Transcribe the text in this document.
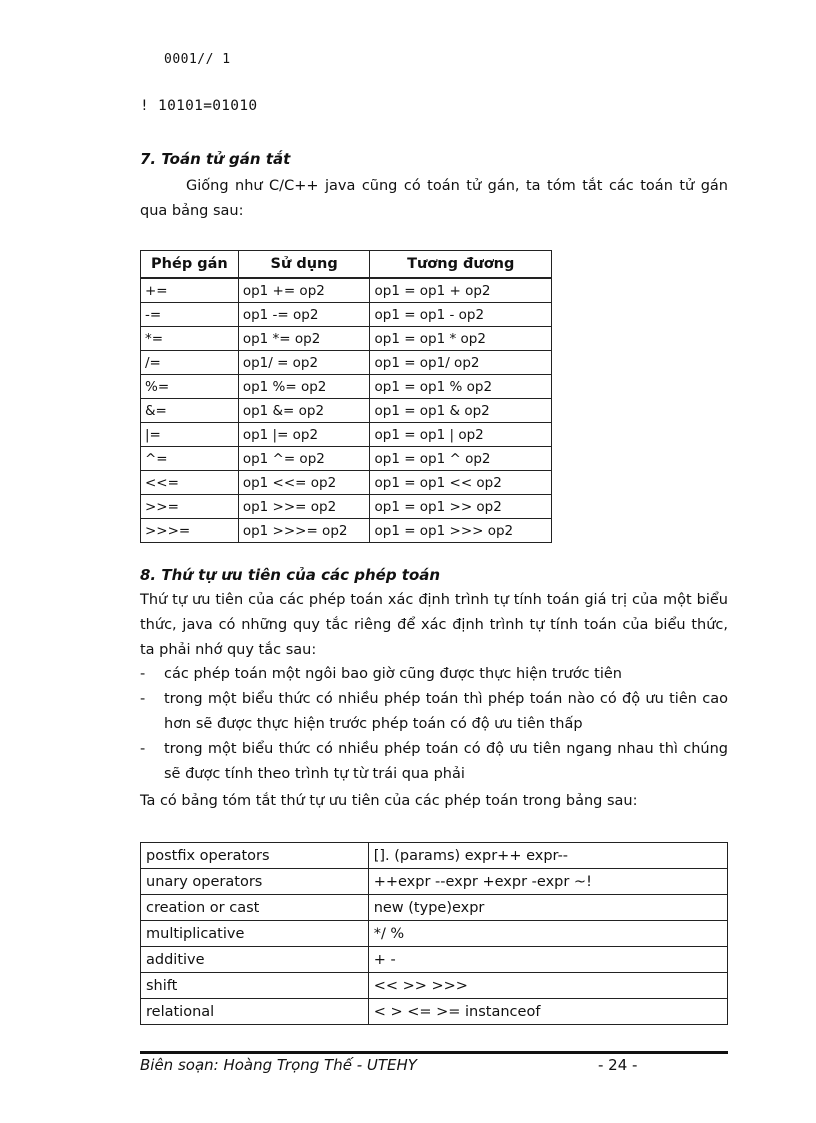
0001// 1
! 10101=01010
7. Toán tử gán tắt
Giống như C/C++ java cũng có toán tử gán, ta tóm tắt các toán tử gán qua bảng sau:
Phép gán	Sử dụng	Tương đương
+=	op1 += op2	op1 = op1 + op2
-=	op1 -= op2	op1 = op1 - op2
*=	op1 *= op2	op1 = op1 * op2
/=	op1/ = op2	op1 = op1/ op2
%=	op1 %= op2	op1 = op1 % op2
&=	op1 &= op2	op1 = op1 & op2
|=	op1 |= op2	op1 = op1 | op2
^=	op1 ^= op2	op1 = op1 ^ op2
<<=	op1 <<= op2	op1 = op1 << op2
>>=	op1 >>= op2	op1 = op1 >> op2
>>>=	op1 >>>= op2	op1 = op1 >>> op2
8. Thứ tự ưu tiên của các phép toán
Thứ tự ưu tiên của các phép toán xác định trình tự tính toán giá trị của một biểu thức, java có những quy tắc riêng để xác định trình tự tính toán của biểu thức, ta phải nhớ quy tắc sau:
- các phép toán một ngôi bao giờ cũng được thực hiện trước tiên
- trong một biểu thức có nhiều phép toán thì phép toán nào có độ ưu tiên cao hơn sẽ được thực hiện trước phép toán có độ ưu tiên thấp
- trong một biểu thức có nhiều phép toán có độ ưu tiên ngang nhau thì chúng sẽ được tính theo trình tự từ trái qua phải
Ta có bảng tóm tắt thứ tự ưu tiên của các phép toán trong bảng sau:
postfix operators	[]. (params) expr++ expr--
unary operators	++expr --expr +expr -expr ~!
creation or cast	new (type)expr
multiplicative	*/ %
additive	+ -
shift	<< >> >>>
relational	< > <= >= instanceof
Biên soạn: Hoàng Trọng Thế - UTEHY	- 24 -
